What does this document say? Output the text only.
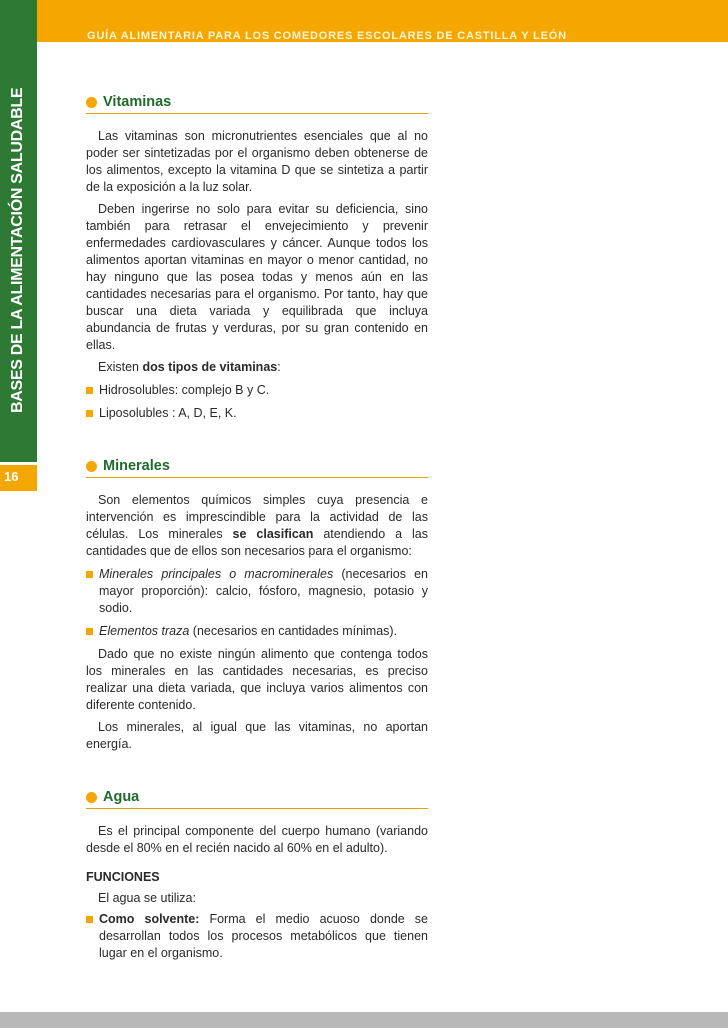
GUÍA ALIMENTARIA PARA LOS COMEDORES ESCOLARES DE CASTILLA Y LEÓN
BASES DE LA ALIMENTACIÓN SALUDABLE
16
Vitaminas

Las vitaminas son micronutrientes esenciales que al no poder ser sintetizadas por el organismo deben obtenerse de los alimentos, excepto la vitamina D que se sintetiza a partir de la exposición a la luz solar.

Deben ingerirse no solo para evitar su deficiencia, sino también para retrasar el envejecimiento y prevenir enfermedades cardiovasculares y cáncer. Aunque todos los alimentos aportan vitaminas en mayor o menor cantidad, no hay ninguno que las posea todas y menos aún en las cantidades necesarias para el organismo. Por tanto, hay que buscar una dieta variada y equilibrada que incluya abundancia de frutas y verduras, por su gran contenido en ellas.

Existen dos tipos de vitaminas:

Hidrosolubles: complejo B y C.
Liposolubles : A, D, E, K.
Minerales

Son elementos químicos simples cuya presencia e intervención es imprescindible para la actividad de las células. Los minerales se clasifican atendiendo a las cantidades que de ellos son necesarios para el organismo:

Minerales principales o macrominerales (necesarios en mayor proporción): calcio, fósforo, magnesio, potasio y sodio.
Elementos traza (necesarios en cantidades mínimas).

Dado que no existe ningún alimento que contenga todos los minerales en las cantidades necesarias, es preciso realizar una dieta variada, que incluya varios alimentos con diferente contenido.

Los minerales, al igual que las vitaminas, no aportan energía.

Agua

Es el principal componente del cuerpo humano (variando desde el 80% en el recién nacido al 60% en el adulto).

FUNCIONES

El agua se utiliza:

Como solvente: Forma el medio acuoso donde se desarrollan todos los procesos metabólicos que tienen lugar en el organismo.
